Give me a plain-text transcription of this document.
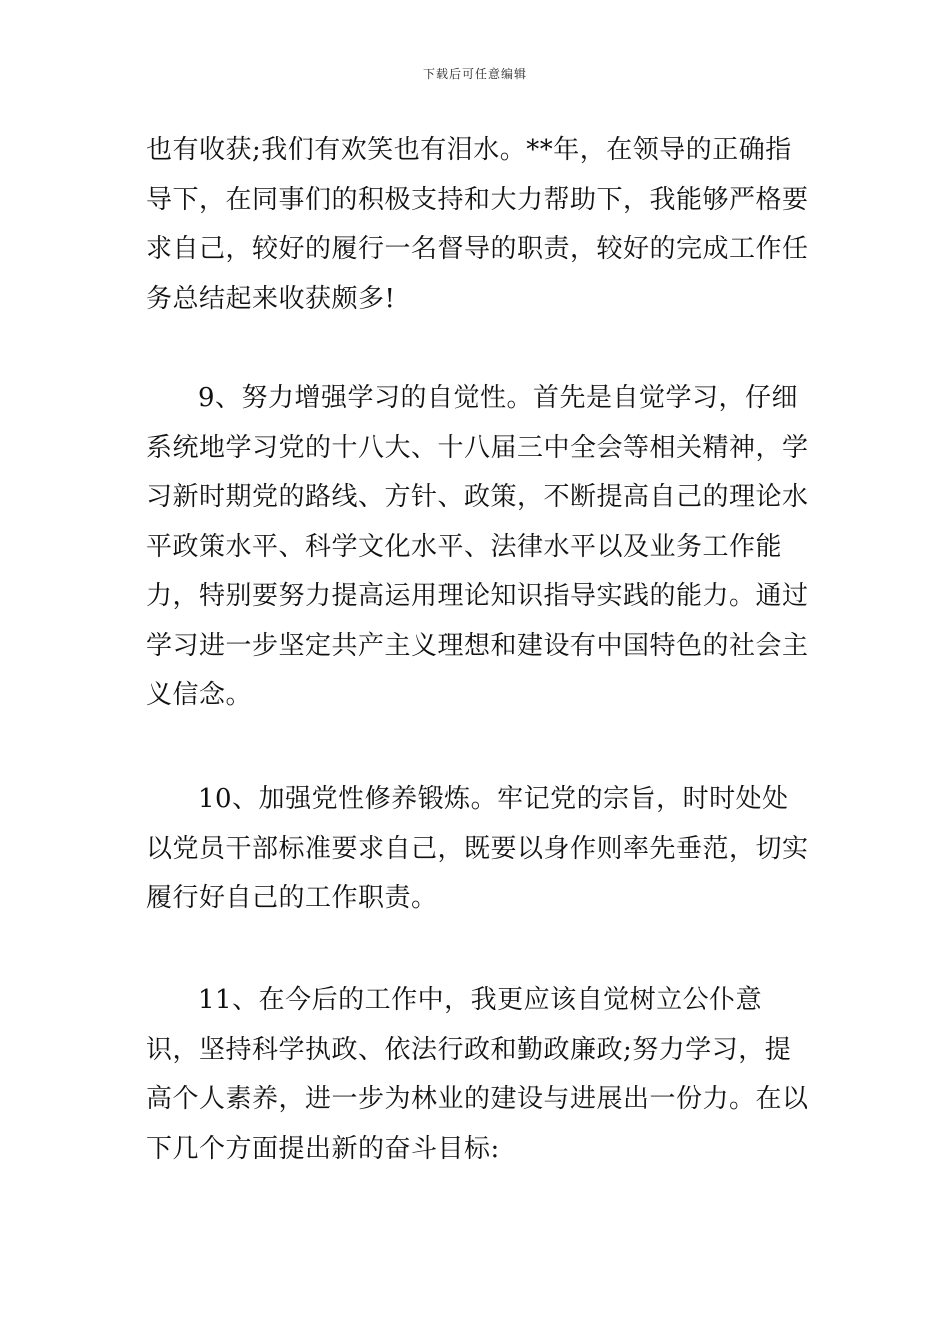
下载后可任意编辑

也有收获;我们有欢笑也有泪水。**年，在领导的正确指导下，在同事们的积极支持和大力帮助下，我能够严格要求自己，较好的履行一名督导的职责，较好的完成工作任务总结起来收获颇多!

9、努力增强学习的自觉性。首先是自觉学习，仔细系统地学习党的十八大、十八届三中全会等相关精神，学习新时期党的路线、方针、政策，不断提高自己的理论水平政策水平、科学文化水平、法律水平以及业务工作能力，特别要努力提高运用理论知识指导实践的能力。通过学习进一步坚定共产主义理想和建设有中国特色的社会主义信念。

10、加强党性修养锻炼。牢记党的宗旨，时时处处以党员干部标准要求自己，既要以身作则率先垂范，切实履行好自己的工作职责。

11、在今后的工作中，我更应该自觉树立公仆意识，坚持科学执政、依法行政和勤政廉政;努力学习，提高个人素养，进一步为林业的建设与进展出一份力。在以下几个方面提出新的奋斗目标:
